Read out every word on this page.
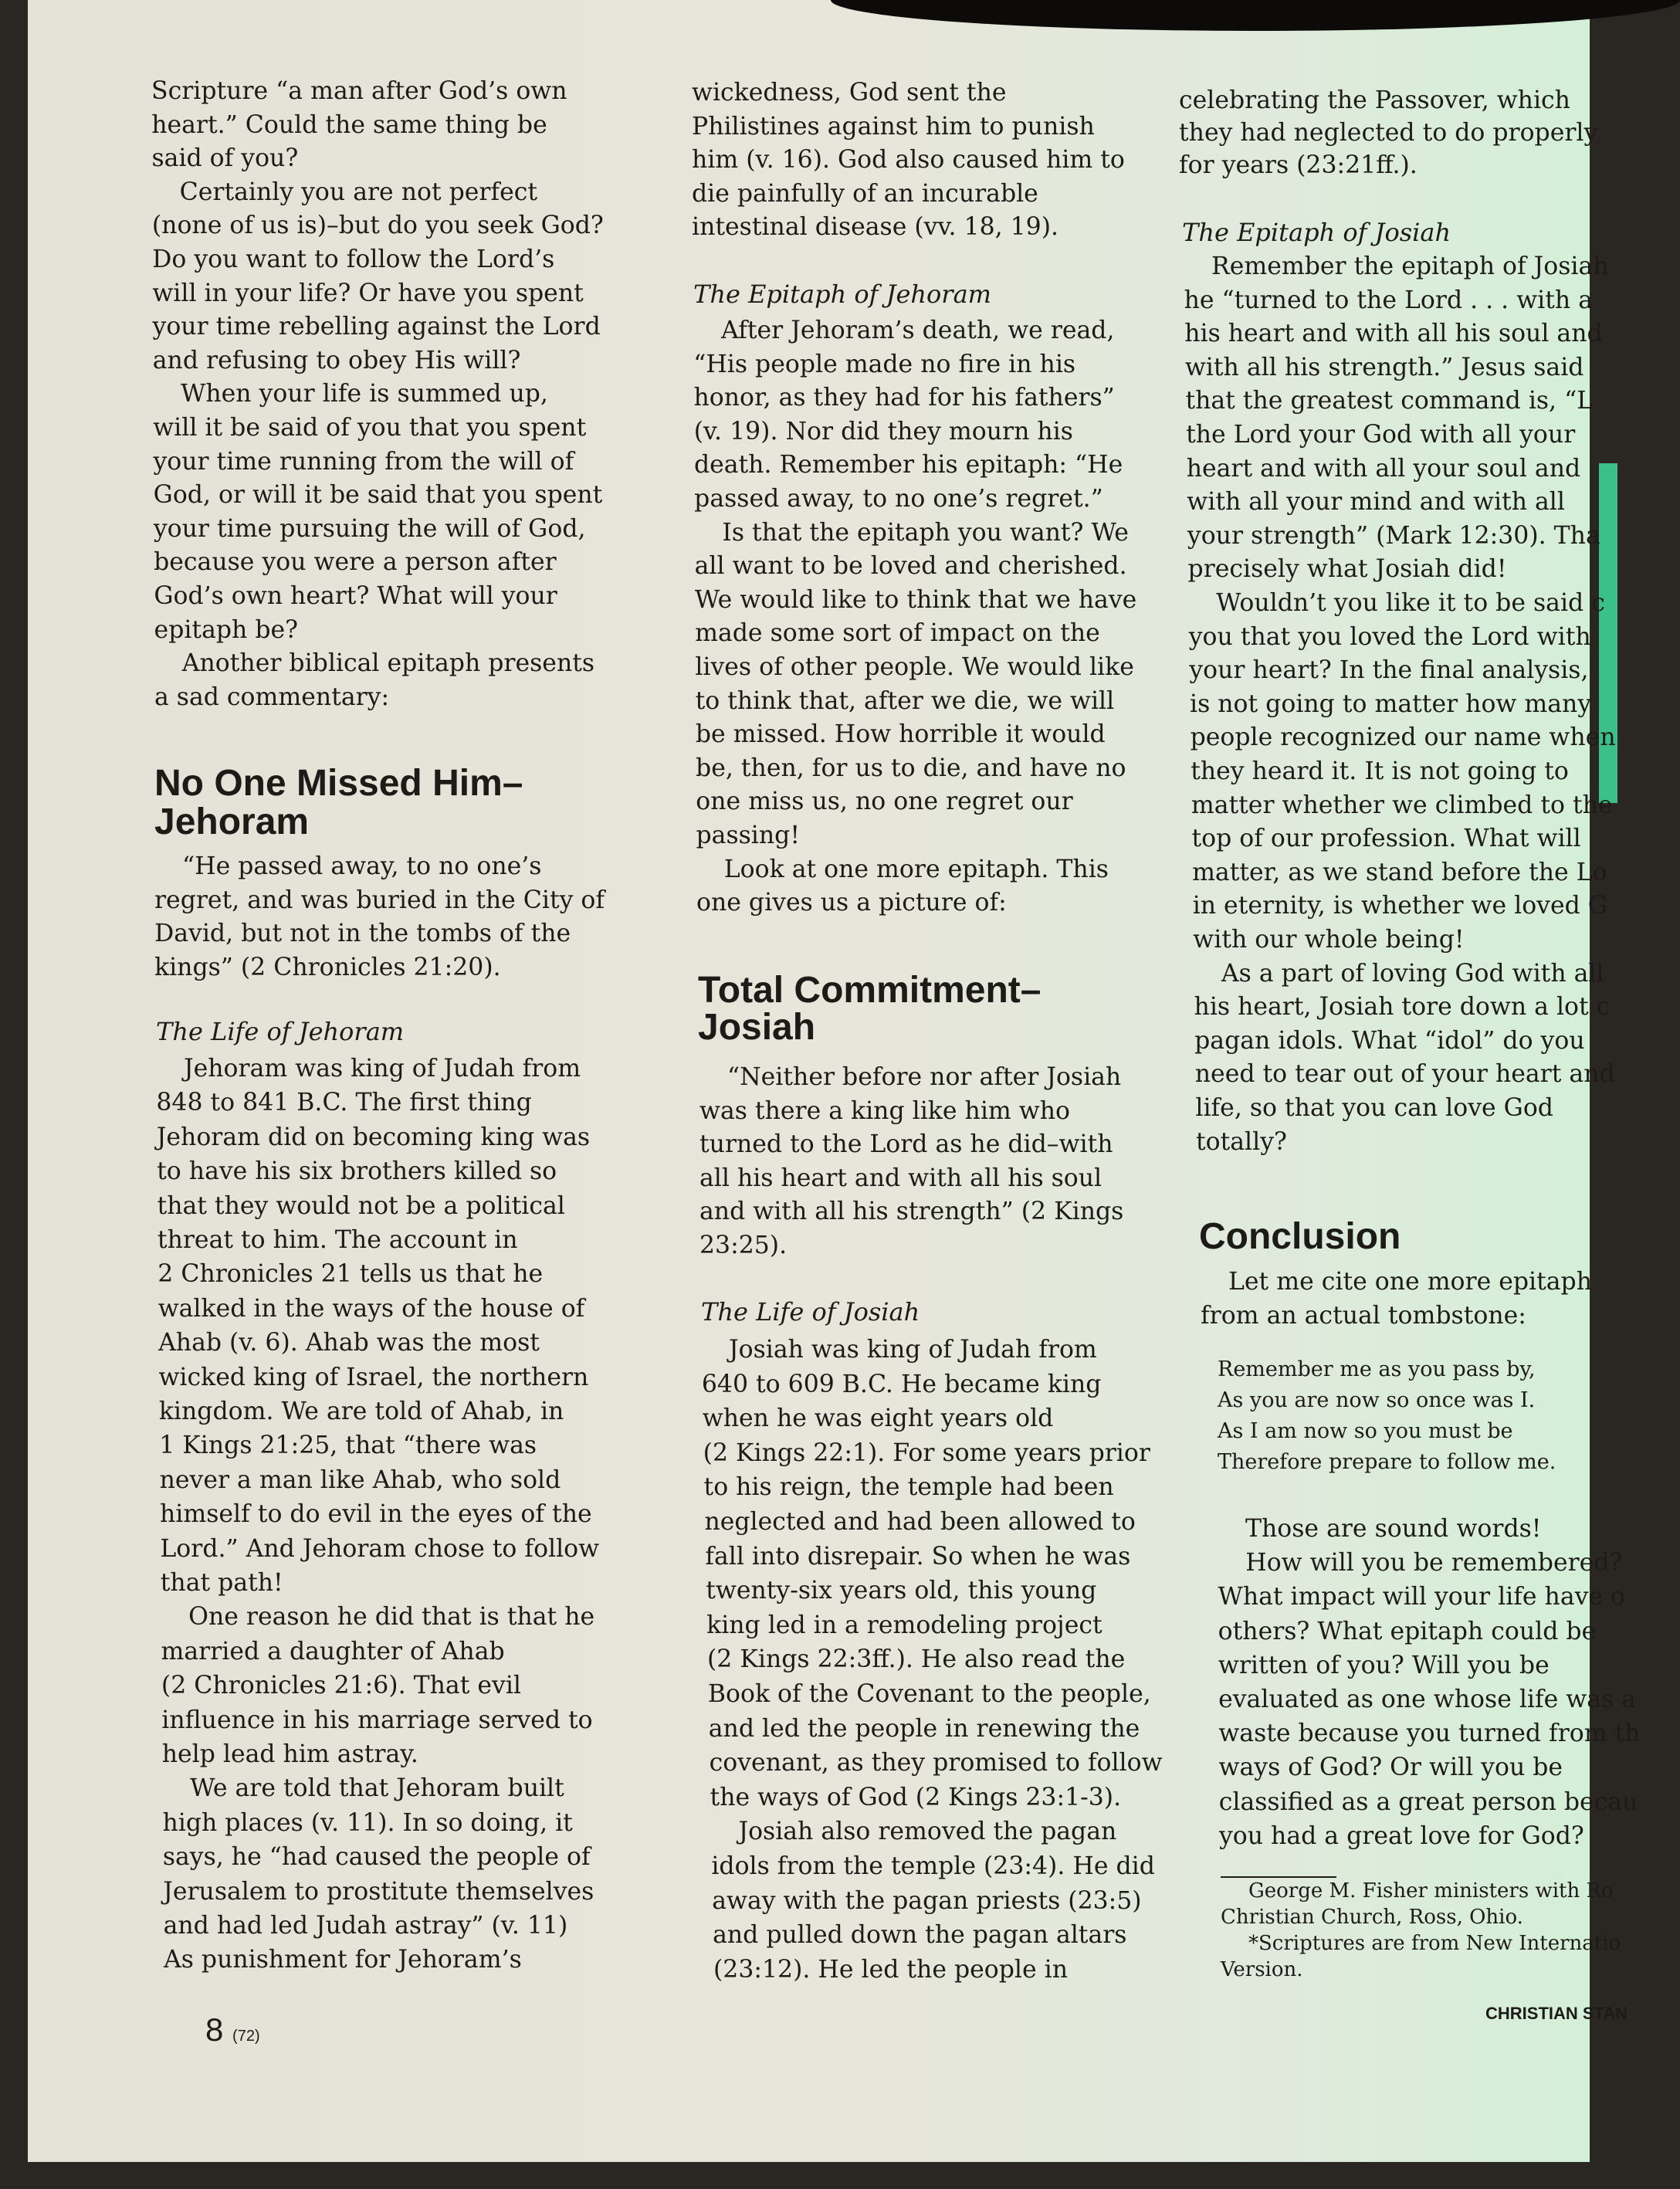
Scripture “a man after God’s own
heart.” Could the same thing be
said of you?
Certainly you are not perfect
(none of us is)–but do you seek God?
Do you want to follow the Lord’s
will in your life? Or have you spent
your time rebelling against the Lord
and refusing to obey His will?
When your life is summed up,
will it be said of you that you spent
your time running from the will of
God, or will it be said that you spent
your time pursuing the will of God,
because you were a person after
God’s own heart? What will your
epitaph be?
Another biblical epitaph presents
a sad commentary:
No One Missed Him–
Jehoram
“He passed away, to no one’s
regret, and was buried in the City of
David, but not in the tombs of the
kings” (2 Chronicles 21:20).
The Life of Jehoram
Jehoram was king of Judah from
848 to 841 B.C. The first thing
Jehoram did on becoming king was
to have his six brothers killed so
that they would not be a political
threat to him. The account in
2 Chronicles 21 tells us that he
walked in the ways of the house of
Ahab (v. 6). Ahab was the most
wicked king of Israel, the northern
kingdom. We are told of Ahab, in
1 Kings 21:25, that “there was
never a man like Ahab, who sold
himself to do evil in the eyes of the
Lord.” And Jehoram chose to follow
that path!
One reason he did that is that he
married a daughter of Ahab
(2 Chronicles 21:6). That evil
influence in his marriage served to
help lead him astray.
We are told that Jehoram built
high places (v. 11). In so doing, it
says, he “had caused the people of
Jerusalem to prostitute themselves
and had led Judah astray” (v. 11)
As punishment for Jehoram’s
wickedness, God sent the
Philistines against him to punish
him (v. 16). God also caused him to
die painfully of an incurable
intestinal disease (vv. 18, 19).
The Epitaph of Jehoram
After Jehoram’s death, we read,
“His people made no fire in his
honor, as they had for his fathers”
(v. 19). Nor did they mourn his
death. Remember his epitaph: “He
passed away, to no one’s regret.”
Is that the epitaph you want? We
all want to be loved and cherished.
We would like to think that we have
made some sort of impact on the
lives of other people. We would like
to think that, after we die, we will
be missed. How horrible it would
be, then, for us to die, and have no
one miss us, no one regret our
passing!
Look at one more epitaph. This
one gives us a picture of:
Total Commitment–
Josiah
“Neither before nor after Josiah
was there a king like him who
turned to the Lord as he did–with
all his heart and with all his soul
and with all his strength” (2 Kings
23:25).
The Life of Josiah
Josiah was king of Judah from
640 to 609 B.C. He became king
when he was eight years old
(2 Kings 22:1). For some years prior
to his reign, the temple had been
neglected and had been allowed to
fall into disrepair. So when he was
twenty-six years old, this young
king led in a remodeling project
(2 Kings 22:3ff.). He also read the
Book of the Covenant to the people,
and led the people in renewing the
covenant, as they promised to follow
the ways of God (2 Kings 23:1-3).
Josiah also removed the pagan
idols from the temple (23:4). He did
away with the pagan priests (23:5)
and pulled down the pagan altars
(23:12). He led the people in
celebrating the Passover, which
they had neglected to do properly
for years (23:21ff.).
The Epitaph of Josiah
Remember the epitaph of Josiah
he “turned to the Lord . . . with a
his heart and with all his soul and
with all his strength.” Jesus said
that the greatest command is, “L
the Lord your God with all your
heart and with all your soul and
with all your mind and with all
your strength” (Mark 12:30). Tha
precisely what Josiah did!
Wouldn’t you like it to be said c
you that you loved the Lord with
your heart? In the final analysis,
is not going to matter how many
people recognized our name when
they heard it. It is not going to
matter whether we climbed to the
top of our profession. What will
matter, as we stand before the Lo
in eternity, is whether we loved G
with our whole being!
As a part of loving God with all
his heart, Josiah tore down a lot c
pagan idols. What “idol” do you
need to tear out of your heart and
life, so that you can love God
totally?
Conclusion
Let me cite one more epitaph
from an actual tombstone:
Remember me as you pass by,
As you are now so once was I.
As I am now so you must be
Therefore prepare to follow me.
Those are sound words!
How will you be remembered?
What impact will your life have o
others? What epitaph could be
written of you? Will you be
evaluated as one whose life was a
waste because you turned from th
ways of God? Or will you be
classified as a great person becau
you had a great love for God?
George M. Fisher ministers with Ro
Christian Church, Ross, Ohio.
*Scriptures are from New Internatio
Version.
8 (72)
CHRISTIAN STAN
